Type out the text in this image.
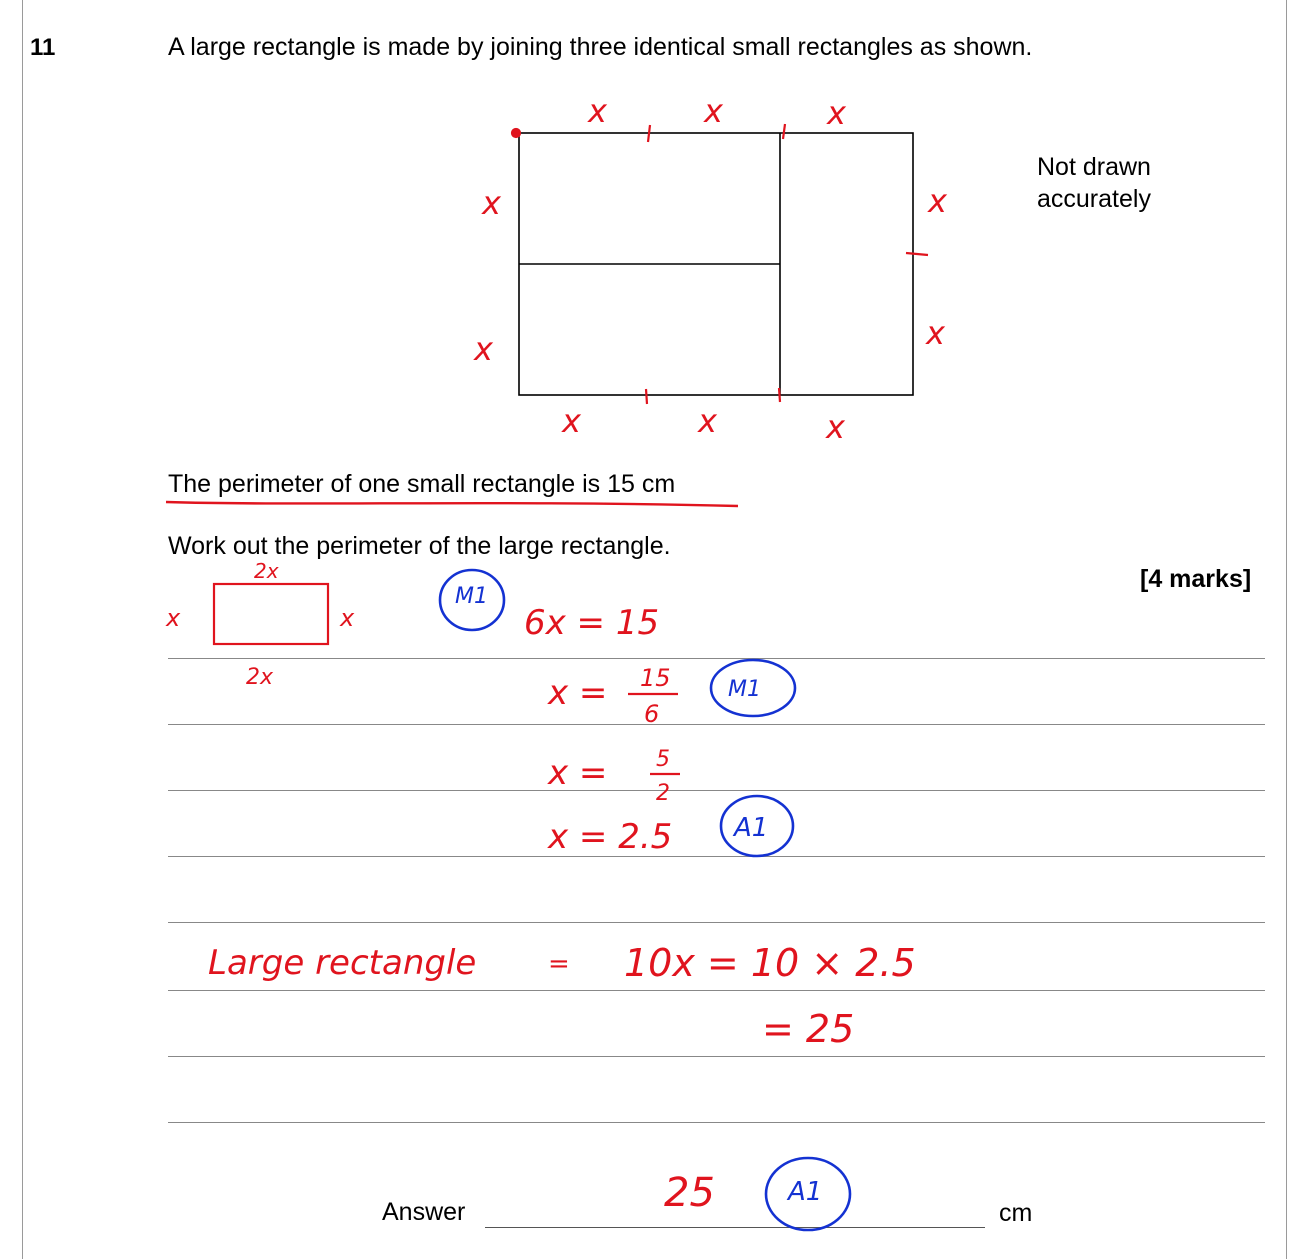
11	A large rectangle is made by joining three identical small rectangles as shown.
Not drawn
accurately
The perimeter of one small rectangle is 15 cm
Work out the perimeter of the large rectangle.
[4 marks]
Answer	cm
x	x	x
x
x
x
x
x	x	x
2x
2x
x	x	6x = 15
x = 15
6
x = 5
2
x = 2.5
Large rectangle	= 10x = 10 × 2.5
= 25
25
M1
M1
A1
A1
